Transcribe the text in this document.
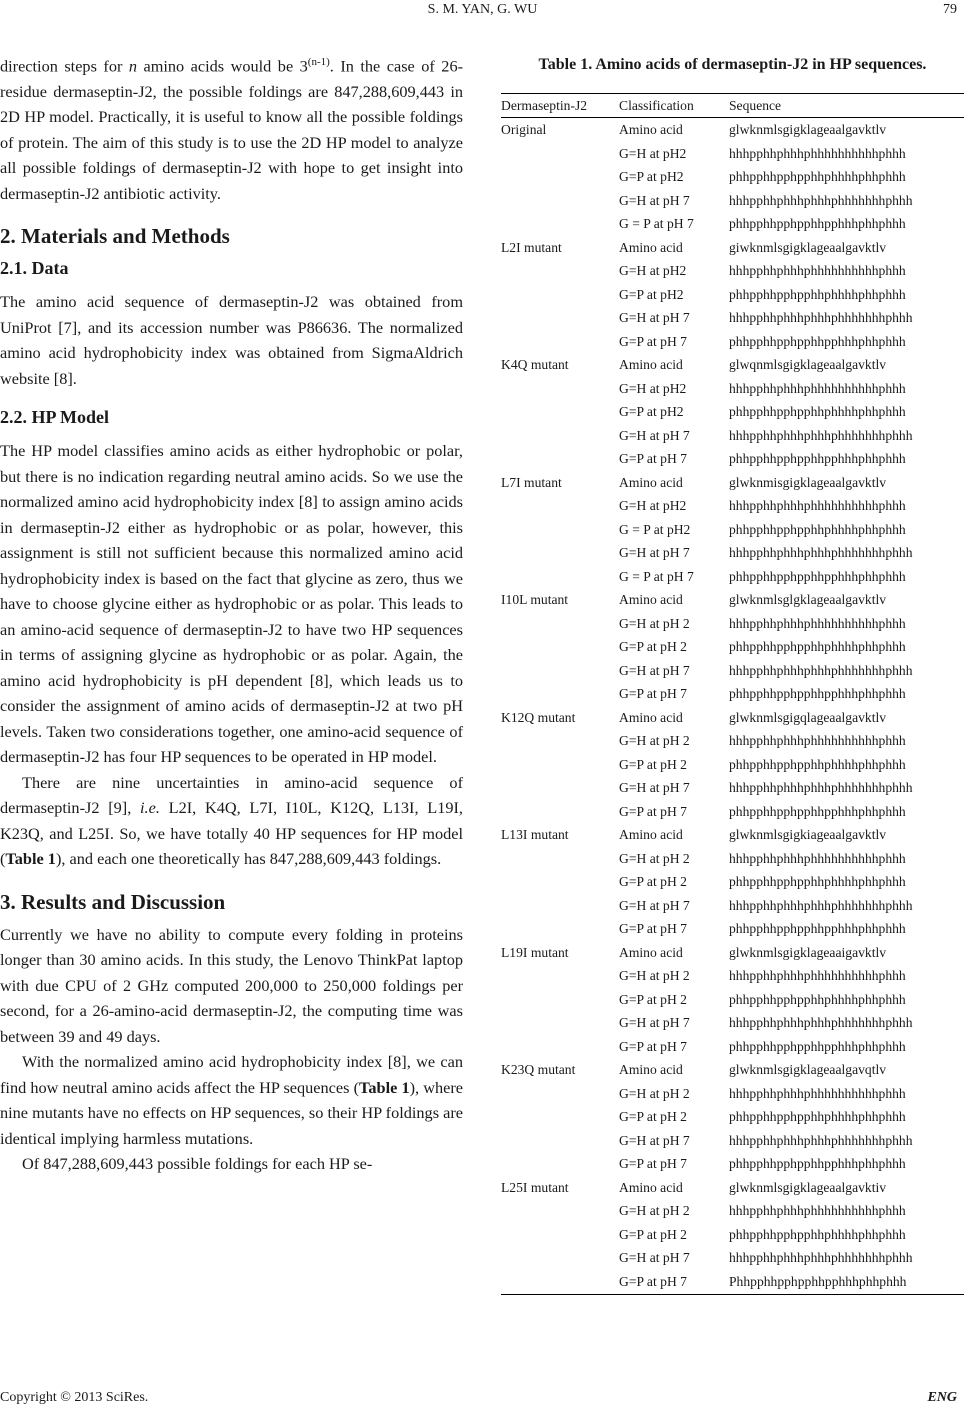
S. M. YAN, G. WU	79

direction steps for n amino acids would be 3$^{(n-1)}$. In the case of 26-residue dermaseptin-J2, the possible foldings are 847,288,609,443 in 2D HP model. Practically, it is useful to know all the possible foldings of protein. The aim of this study is to use the 2D HP model to analyze all possible foldings of dermaseptin-J2 with hope to get insight into dermaseptin-J2 antibiotic activity.

2. Materials and Methods
2.1. Data

The amino acid sequence of dermaseptin-J2 was obtained from UniProt [7], and its accession number was P86636. The normalized amino acid hydrophobicity index was obtained from SigmaAldrich website [8].

2.2. HP Model

The HP model classifies amino acids as either hydrophobic or polar, but there is no indication regarding neutral amino acids. So we use the normalized amino acid hydrophobicity index [8] to assign amino acids in dermaseptin-J2 either as hydrophobic or as polar, however, this assignment is still not sufficient because this normalized amino acid hydrophobicity index is based on the fact that glycine as zero, thus we have to choose glycine either as hydrophobic or as polar. This leads to an amino-acid sequence of dermaseptin-J2 to have two HP sequences in terms of assigning glycine as hydrophobic or as polar. Again, the amino acid hydrophobicity is pH dependent [8], which leads us to consider the assignment of amino acids of dermaseptin-J2 at two pH levels. Taken two considerations together, one amino-acid sequence of dermaseptin-J2 has four HP sequences to be operated in HP model.

There are nine uncertainties in amino-acid sequence of dermaseptin-J2 [9], i.e. L2I, K4Q, L7I, I10L, K12Q, L13I, L19I, K23Q, and L25I. So, we have totally 40 HP sequences for HP model (Table 1), and each one theoretically has 847,288,609,443 foldings.

3. Results and Discussion

Currently we have no ability to compute every folding in proteins longer than 30 amino acids. In this study, the Lenovo ThinkPat laptop with due CPU of 2 GHz computed 200,000 to 250,000 foldings per second, for a 26-amino-acid dermaseptin-J2, the computing time was between 39 and 49 days.

With the normalized amino acid hydrophobicity index [8], we can find how neutral amino acids affect the HP sequences (Table 1), where nine mutants have no effects on HP sequences, so their HP foldings are identical implying harmless mutations.

Of 847,288,609,443 possible foldings for each HP se-

Table 1. Amino acids of dermaseptin-J2 in HP sequences.
Dermaseptin-J2	Classification	Sequence
Original	Amino acid	glwknmlsgigklageaalgavktlv
	G=H at pH2	hhhpphhphhhphhhhhhhhhhphhh
	G=P at pH2	phhpphhpphpphhphhhhphhphhh
	G=H at pH 7	hhhpphhphhhphhhphhhhhhhphhh
	G = P at pH 7	phhpphhpphpphhpphhhphhphhh
L2I mutant	Amino acid	giwknmlsgigklageaalgavktlv
	G=H at pH2	hhhpphhphhhphhhhhhhhhhphhh
	G=P at pH2	phhpphhpphpphhphhhhphhphhh
	G=H at pH 7	hhhpphhphhhphhhphhhhhhhphhh
	G=P at pH 7	phhpphhpphpphhpphhhphhphhh
K4Q mutant	Amino acid	glwqnmlsgigklageaalgavktlv
	G=H at pH2	hhhpphhphhhphhhhhhhhhhphhh
	G=P at pH2	phhpphhpphpphhphhhhphhphhh
	G=H at pH 7	hhhpphhphhhphhhphhhhhhhphhh
	G=P at pH 7	phhpphhpphpphhpphhhphhphhh
L7I mutant	Amino acid	glwknmisgigklageaalgavktlv
	G=H at pH2	hhhpphhphhhphhhhhhhhhhphhh
	G = P at pH2	phhpphhpphpphhphhhhphhphhh
	G=H at pH 7	hhhpphhphhhphhhphhhhhhhphhh
	G = P at pH 7	phhpphhpphpphhpphhhphhphhh
I10L mutant	Amino acid	glwknmlsglgklageaalgavktlv
	G=H at pH 2	hhhpphhphhhphhhhhhhhhhphhh
	G=P at pH 2	phhpphhpphpphhphhhhphhphhh
	G=H at pH 7	hhhpphhphhhphhhphhhhhhhphhh
	G=P at pH 7	phhpphhpphpphhpphhhphhphhh
K12Q mutant	Amino acid	glwknmlsgigqlageaalgavktlv
	G=H at pH 2	hhhpphhphhhphhhhhhhhhhphhh
	G=P at pH 2	phhpphhpphpphhphhhhphhphhh
	G=H at pH 7	hhhpphhphhhphhhphhhhhhhphhh
	G=P at pH 7	phhpphhpphpphhpphhhphhphhh
L13I mutant	Amino acid	glwknmlsgigkiageaalgavktlv
	G=H at pH 2	hhhpphhphhhphhhhhhhhhhphhh
	G=P at pH 2	phhpphhpphpphhphhhhphhphhh
	G=H at pH 7	hhhpphhphhhphhhphhhhhhhphhh
	G=P at pH 7	phhpphhpphpphhpphhhphhphhh
L19I mutant	Amino acid	glwknmlsgigklageaaigavktlv
	G=H at pH 2	hhhpphhphhhphhhhhhhhhhphhh
	G=P at pH 2	phhpphhpphpphhphhhhphhphhh
	G=H at pH 7	hhhpphhphhhphhhphhhhhhhphhh
	G=P at pH 7	phhpphhpphpphhpphhhphhphhh
K23Q mutant	Amino acid	glwknmlsgigklageaalgavqtlv
	G=H at pH 2	hhhpphhphhhphhhhhhhhhhphhh
	G=P at pH 2	phhpphhpphpphhphhhhphhphhh
	G=H at pH 7	hhhpphhphhhphhhphhhhhhhphhh
	G=P at pH 7	phhpphhpphpphhpphhhphhphhh
L25I mutant	Amino acid	glwknmlsgigklageaalgavktiv
	G=H at pH 2	hhhpphhphhhphhhhhhhhhhphhh
	G=P at pH 2	phhpphhpphpphhphhhhphhphhh
	G=H at pH 7	hhhpphhphhhphhhphhhhhhhphhh
	G=P at pH 7	Phhpphhpphpphhpphhhphhphhh
Copyright © 2013 SciRes.	ENG
